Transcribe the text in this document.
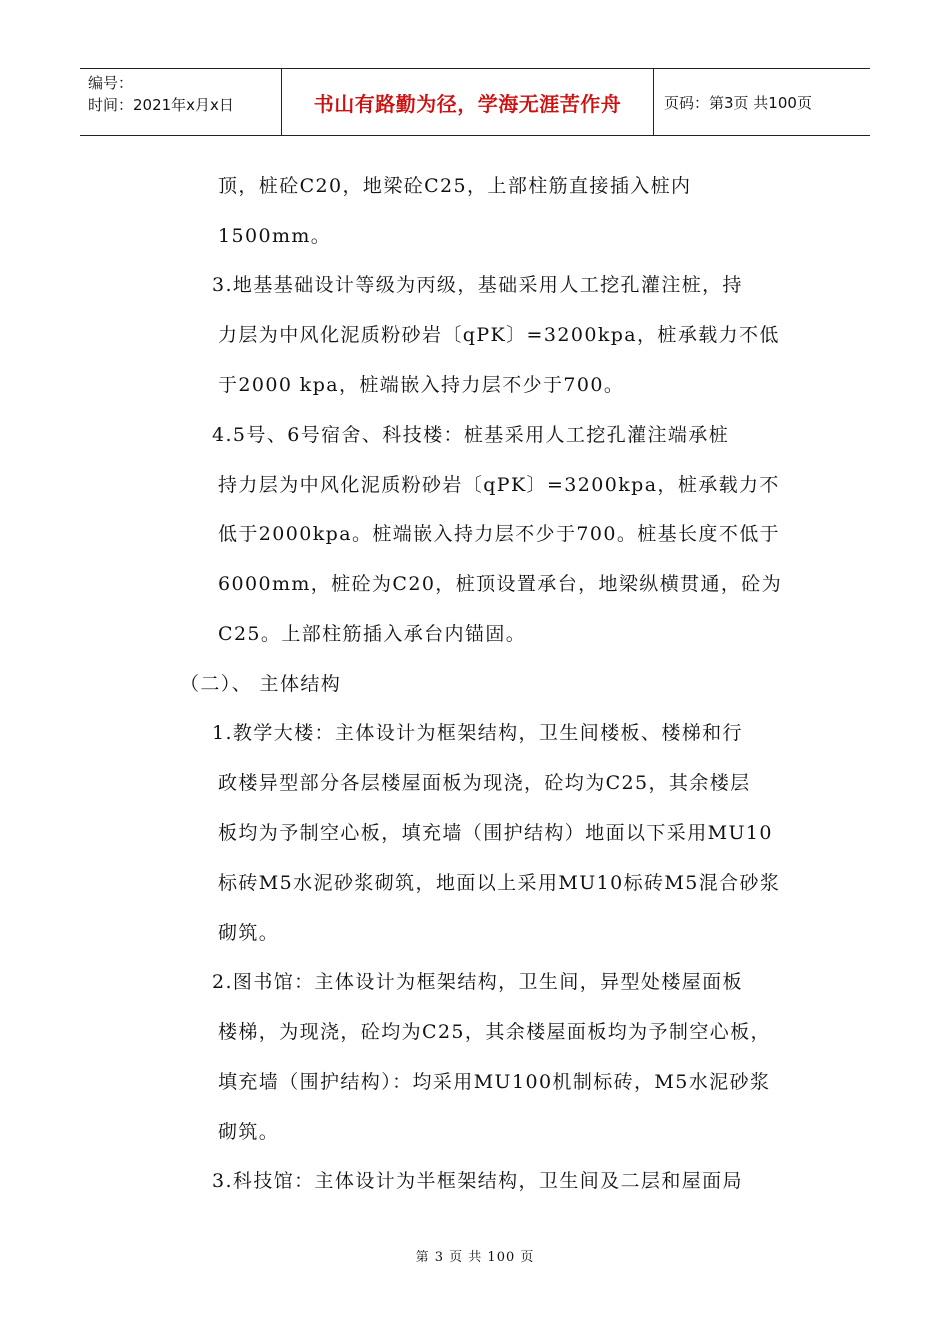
编号：
时间：2021年x月x日	书山有路勤为径，学海无涯苦作舟	页码：第3页 共100页
顶，桩砼C20，地梁砼C25，上部柱筋直接插入桩内
1500mm。
3.地基基础设计等级为丙级，基础采用人工挖孔灌注桩，持
力层为中风化泥质粉砂岩〔qPK〕=3200kpa，桩承载力不低
于2000 kpa，桩端嵌入持力层不少于700。
4.5号、6号宿舍、科技楼：桩基采用人工挖孔灌注端承桩
持力层为中风化泥质粉砂岩〔qPK〕=3200kpa，桩承载力不
低于2000kpa。桩端嵌入持力层不少于700。桩基长度不低于
6000mm，桩砼为C20，桩顶设置承台，地梁纵横贯通，砼为
C25。上部柱筋插入承台内锚固。
（二）、 主体结构
1.教学大楼：主体设计为框架结构，卫生间楼板、楼梯和行
政楼异型部分各层楼屋面板为现浇，砼均为C25，其余楼层
板均为予制空心板，填充墙（围护结构）地面以下采用MU10
标砖M5水泥砂浆砌筑，地面以上采用MU10标砖M5混合砂浆
砌筑。
2.图书馆：主体设计为框架结构，卫生间，异型处楼屋面板
楼梯，为现浇，砼均为C25，其余楼屋面板均为予制空心板，
填充墙（围护结构）：均采用MU100机制标砖，M5水泥砂浆
砌筑。
3.科技馆：主体设计为半框架结构，卫生间及二层和屋面局
第 3 页 共 100 页
